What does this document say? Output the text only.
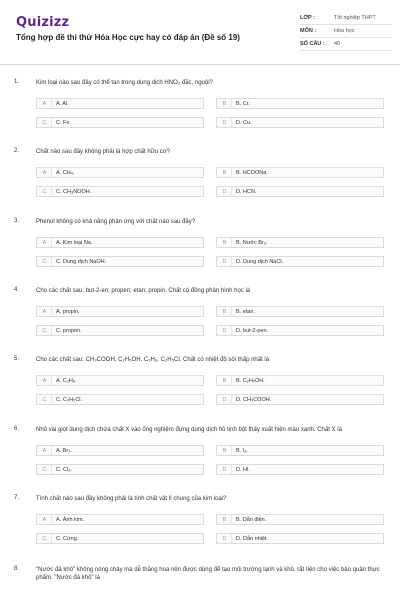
Quizizz
Tổng hợp đề thi thử Hóa Học cực hay có đáp án (Đề số 19)
LỚP :	Tốt nghiệp THPT
MÔN :	Hóa học
SỐ CÂU :	40
1.	Kim loại nào sau đây có thể tan trong dung dịch HNO₃ đặc, nguội?
A	A. Al.	B	B. Cr.
C	C. Fe.	D	D. Cu.
2.	Chất nào sau đây không phải là hợp chất hữu cơ?
A	A. CH₄.	B	B. HCOONa.
C	C. CH₃NOOH.	D	D. HCN.
3.	Phenol không có khả năng phản ứng với chất nào sau đây?
A	A. Kim loại Na.	B	B. Nước Br₂.
C	C. Dung dịch NaOH.	D	D. Dung dịch NaCl.
4.	Cho các chất sau: but-2-en; propen; etan; propin. Chất có đồng phân hình học là
A	A. propin.	B	B. etan.
C	C. propen.	D	D. but-2-pen.
5.	Cho các chất sau: CH₃COOH, C₂H₅OH, C₂H₆, C₂H₅Cl. Chất có nhiệt độ sôi thấp nhất là
A	A. C₂H₆.	B	B. C₂H₅OH.
C	C. C₂H₅Cl.	D	D. CH₃COOH.
6.	Nhỏ vài giọt dung dịch chứa chất X vào ống nghiệm đựng dung dịch hồ tinh bột thấy xuất hiện màu xanh. Chất X là
A	A. Br₂.	B	B. I₂.
C	C. Cl₂.	D	D. HI.
7.	Tính chất nào sau đây không phải là tính chất vật lí chung của kim loại?
A	A. Ánh kim.	B	B. Dẫn điện.
C	C. Cứng.	D	D. Dẫn nhiệt.
8.	"Nước đá khô" không nóng chảy mà dễ thăng hoa nên được dùng để tạo môi trường lạnh và khô, rất tiện cho việc bảo quản thực phẩm. "Nước đá khô" là
